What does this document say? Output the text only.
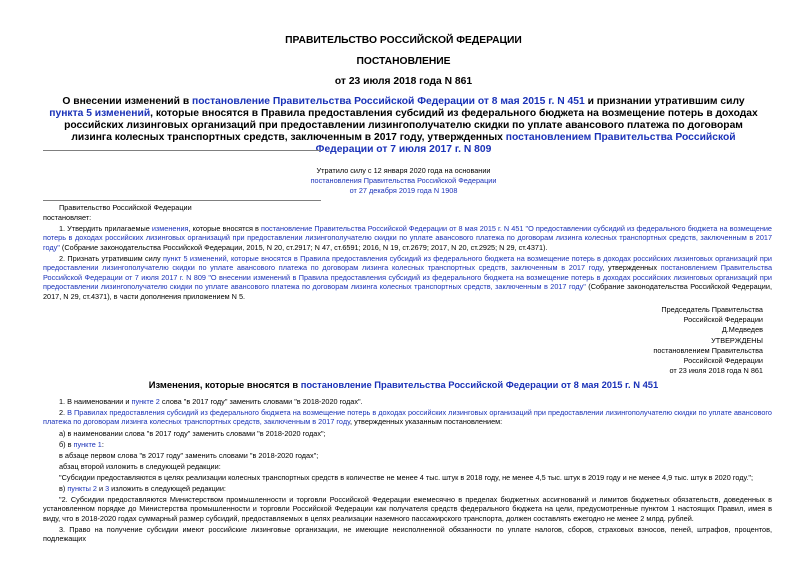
ПРАВИТЕЛЬСТВО РОССИЙСКОЙ ФЕДЕРАЦИИ
ПОСТАНОВЛЕНИЕ
от 23 июля 2018 года N 861
О внесении изменений в постановление Правительства Российской Федерации от 8 мая 2015 г. N 451 и признании утратившим силу пункта 5 изменений, которые вносятся в Правила предоставления субсидий из федерального бюджета на возмещение потерь в доходах российских лизинговых организаций при предоставлении лизингополучателю скидки по уплате авансового платежа по договорам лизинга колесных транспортных средств, заключенным в 2017 году, утвержденных постановлением Правительства Российской Федерации от 7 июля 2017 г. N 809
Утратило силу с 12 января 2020 года на основании
постановления Правительства Российской Федерации
от 27 декабря 2019 года N 1908
Правительство Российской Федерации
постановляет:

1. Утвердить прилагаемые изменения, которые вносятся в постановление Правительства Российской Федерации от 8 мая 2015 г. N 451 "О предоставлении субсидий из федерального бюджета на возмещение потерь в доходах российских лизинговых организаций при предоставлении лизингополучателю скидки по уплате авансового платежа по договорам лизинга колесных транспортных средств, заключенным в 2017 году" (Собрание законодательства Российской Федерации, 2015, N 20, ст.2917; N 47, ст.6591; 2016, N 19, ст.2679; 2017, N 20, ст.2925; N 29, ст.4371).

2. Признать утратившим силу пункт 5 изменений, которые вносятся в Правила предоставления субсидий из федерального бюджета на возмещение потерь в доходах российских лизинговых организаций при предоставлении лизингополучателю скидки по уплате авансового платежа по договорам лизинга колесных транспортных средств, заключенным в 2017 году, утвержденных постановлением Правительства Российской Федерации от 7 июля 2017 г. N 809 "О внесении изменений в Правила предоставления субсидий из федерального бюджета на возмещение потерь в доходах российских лизинговых организаций при предоставлении лизингополучателю скидки по уплате авансового платежа по договорам лизинга колесных транспортных средств, заключенным в 2017 году" (Собрание законодательства Российской Федерации, 2017, N 29, ст.4371), в части дополнения приложением N 5.

Председатель Правительства
Российской Федерации
Д.Медведев
УТВЕРЖДЕНЫ
постановлением Правительства
Российской Федерации
от 23 июля 2018 года N 861
Изменения, которые вносятся в постановление Правительства Российской Федерации от 8 мая 2015 г. N 451
1. В наименовании и пункте 2 слова "в 2017 году" заменить словами "в 2018-2020 годах".

2. В Правилах предоставления субсидий из федерального бюджета на возмещение потерь в доходах российских лизинговых организаций при предоставлении лизингополучателю скидки по уплате авансового платежа по договорам лизинга колесных транспортных средств, заключенным в 2017 году, утвержденных указанным постановлением:

а) в наименовании слова "в 2017 году" заменить словами "в 2018-2020 годах";
б) в пункте 1:
в абзаце первом слова "в 2017 году" заменить словами "в 2018-2020 годах";
абзац второй изложить в следующей редакции:
"Субсидии предоставляются в целях реализации колесных транспортных средств в количестве не менее 4 тыс. штук в 2018 году, не менее 4,5 тыс. штук в 2019 году и не менее 4,9 тыс. штук в 2020 году.";
в) пункты 2 и 3 изложить в следующей редакции:

"2. Субсидии предоставляются Министерством промышленности и торговли Российской Федерации ежемесячно в пределах бюджетных ассигнований и лимитов бюджетных обязательств, доведенных в установленном порядке до Министерства промышленности и торговли Российской Федерации как получателя средств федерального бюджета на цели, предусмотренные пунктом 1 настоящих Правил, имея в виду, что в 2018-2020 годах суммарный размер субсидий, предоставляемых в целях реализации наземного пассажирского транспорта, должен составлять ежегодно не менее 2 млрд. рублей.

3. Право на получение субсидии имеют российские лизинговые организации, не имеющие неисполненной обязанности по уплате налогов, сборов, страховых взносов, пеней, штрафов, процентов, подлежащих
